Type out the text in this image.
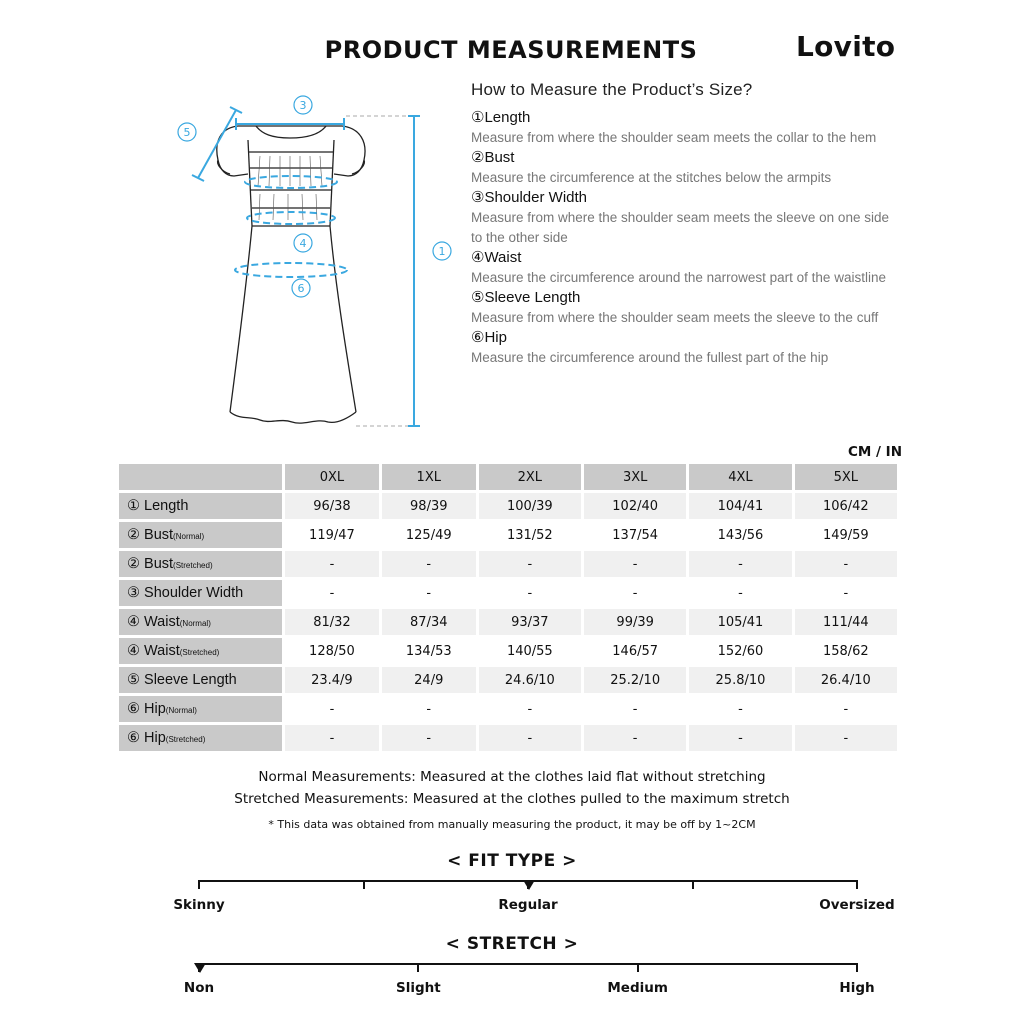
PRODUCT MEASUREMENTS	Lovito
3
5
1
4
6
How to Measure the Product’s Size?
①Length
Measure from where the shoulder seam meets the collar to the hem
②Bust
Measure the circumference at the stitches below the armpits
③Shoulder Width
Measure from where the shoulder seam meets the sleeve on one side to the other side
④Waist
Measure the circumference around the narrowest part of the waistline
⑤Sleeve Length
Measure from where the shoulder seam meets the sleeve to the cuff
⑥Hip
Measure the circumference around the fullest part of the hip
CM / IN
	0XL	1XL	2XL	3XL	4XL	5XL
① Length	96/38	98/39	100/39	102/40	104/41	106/42
② Bust(Normal)	119/47	125/49	131/52	137/54	143/56	149/59
② Bust(Stretched)	-	-	-	-	-	-
③ Shoulder Width	-	-	-	-	-	-
④ Waist(Normal)	81/32	87/34	93/37	99/39	105/41	111/44
④ Waist(Stretched)	128/50	134/53	140/55	146/57	152/60	158/62
⑤ Sleeve Length	23.4/9	24/9	24.6/10	25.2/10	25.8/10	26.4/10
⑥ Hip(Normal)	-	-	-	-	-	-
⑥ Hip(Stretched)	-	-	-	-	-	-
Normal Measurements: Measured at the clothes laid flat without stretching
Stretched Measurements: Measured at the clothes pulled to the maximum stretch
* This data was obtained from manually measuring the product, it may be off by 1~2CM
< FIT TYPE >
Skinny	Regular	Oversized
< STRETCH >
Non	Slight	Medium	High
